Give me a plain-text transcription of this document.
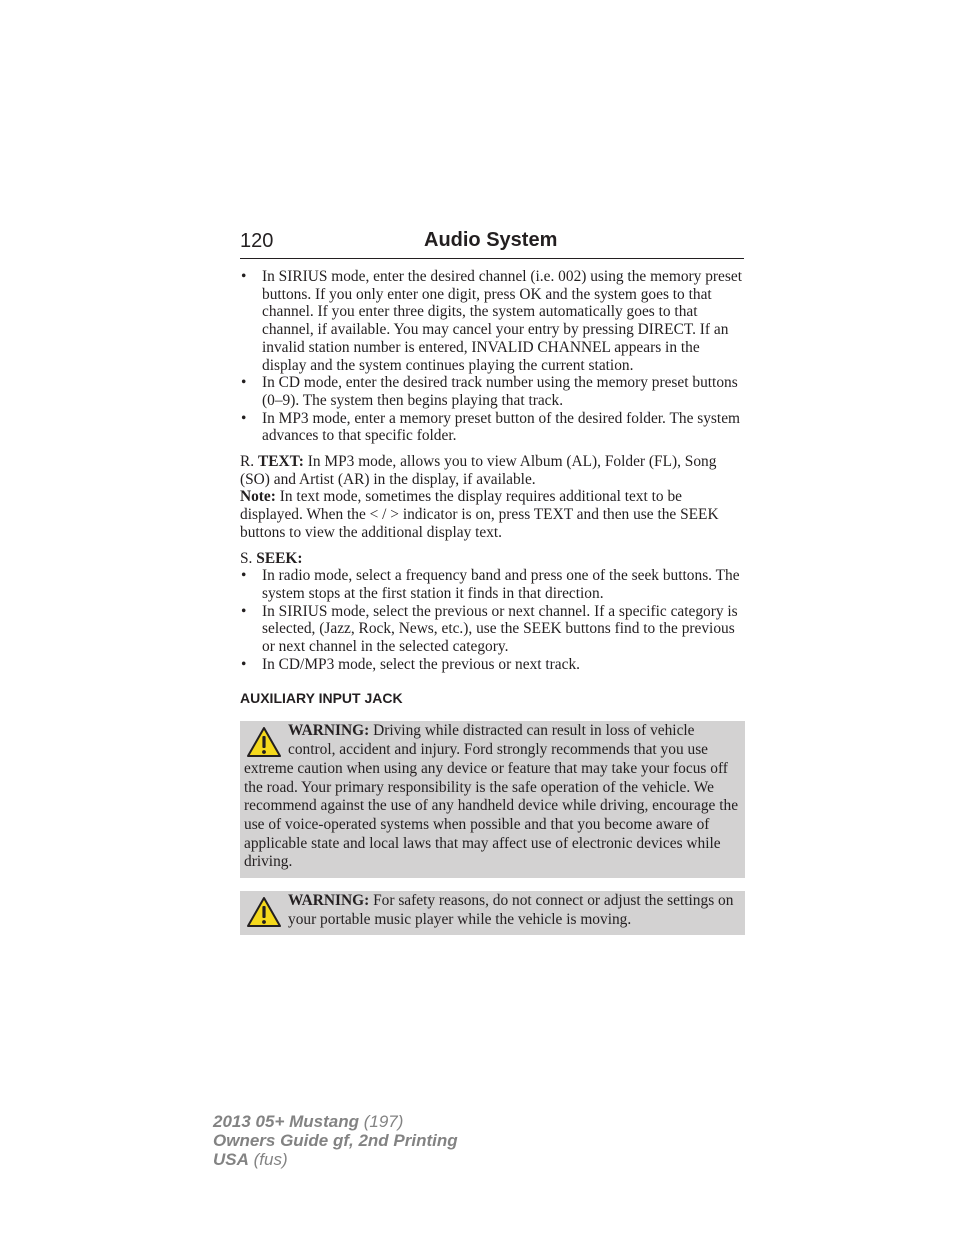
120	Audio System
• In SIRIUS mode, enter the desired channel (i.e. 002) using the memory preset buttons. If you only enter one digit, press OK and the system goes to that channel. If you enter three digits, the system automatically goes to that channel, if available. You may cancel your entry by pressing DIRECT. If an invalid station number is entered, INVALID CHANNEL appears in the display and the system continues playing the current station.
• In CD mode, enter the desired track number using the memory preset buttons (0–9). The system then begins playing that track.
• In MP3 mode, enter a memory preset button of the desired folder. The system advances to that specific folder.

R. TEXT: In MP3 mode, allows you to view Album (AL), Folder (FL), Song (SO) and Artist (AR) in the display, if available.

Note: In text mode, sometimes the display requires additional text to be displayed. When the < / > indicator is on, press TEXT and then use the SEEK buttons to view the additional display text.

S. SEEK:

• In radio mode, select a frequency band and press one of the seek buttons. The system stops at the first station it finds in that direction.
• In SIRIUS mode, select the previous or next channel. If a specific category is selected, (Jazz, Rock, News, etc.), use the SEEK buttons find to the previous or next channel in the selected category.
• In CD/MP3 mode, select the previous or next track.

AUXILIARY INPUT JACK

WARNING: Driving while distracted can result in loss of vehicle control, accident and injury. Ford strongly recommends that you use extreme caution when using any device or feature that may take your focus off the road. Your primary responsibility is the safe operation of the vehicle. We recommend against the use of any handheld device while driving, encourage the use of voice-operated systems when possible and that you become aware of applicable state and local laws that may affect use of electronic devices while driving.
WARNING: For safety reasons, do not connect or adjust the settings on your portable music player while the vehicle is moving.
2013 05+ Mustang (197)
Owners Guide gf, 2nd Printing
USA (fus)
